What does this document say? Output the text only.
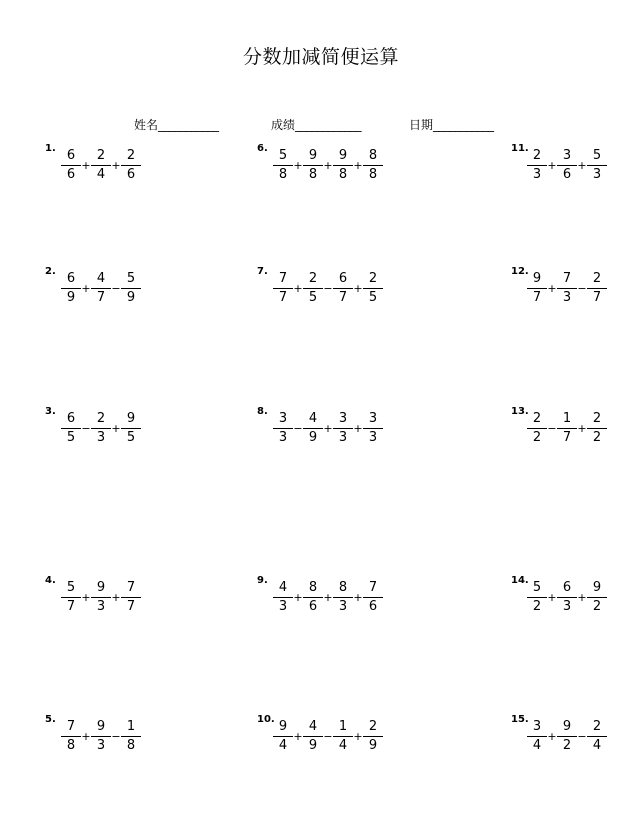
分数加减简便运算
姓名___________	成绩____________	日期___________
1. $\frac{6}{6} + \frac{2}{4} + \frac{2}{6}$
2. $\frac{6}{9} + \frac{4}{7} - \frac{5}{9}$
3. $\frac{6}{5} - \frac{2}{3} + \frac{9}{5}$
4. $\frac{5}{7} + \frac{9}{3} + \frac{7}{7}$
5. $\frac{7}{8} + \frac{9}{3} - \frac{1}{8}$
6. $\frac{5}{8} + \frac{9}{8} + \frac{9}{8} + \frac{8}{8}$
7. $\frac{7}{7} + \frac{2}{5} - \frac{6}{7} + \frac{2}{5}$
8. $\frac{3}{3} - \frac{4}{9} + \frac{3}{3} + \frac{3}{3}$
9. $\frac{4}{3} + \frac{8}{6} + \frac{8}{3} + \frac{7}{6}$
10.
$\frac{9}{4} + \frac{4}{9} - \frac{1}{4} + \frac{2}{9}$
11.
$\frac{2}{3} + \frac{3}{6} + \frac{5}{3}$
12.
$\frac{9}{7} + \frac{7}{3} - \frac{2}{7}$
13.
$\frac{2}{2} - \frac{1}{7} + \frac{2}{2}$
14.
$\frac{5}{2} + \frac{6}{3} + \frac{9}{2}$
15.
$\frac{3}{4} + \frac{9}{2} - \frac{2}{4}$
